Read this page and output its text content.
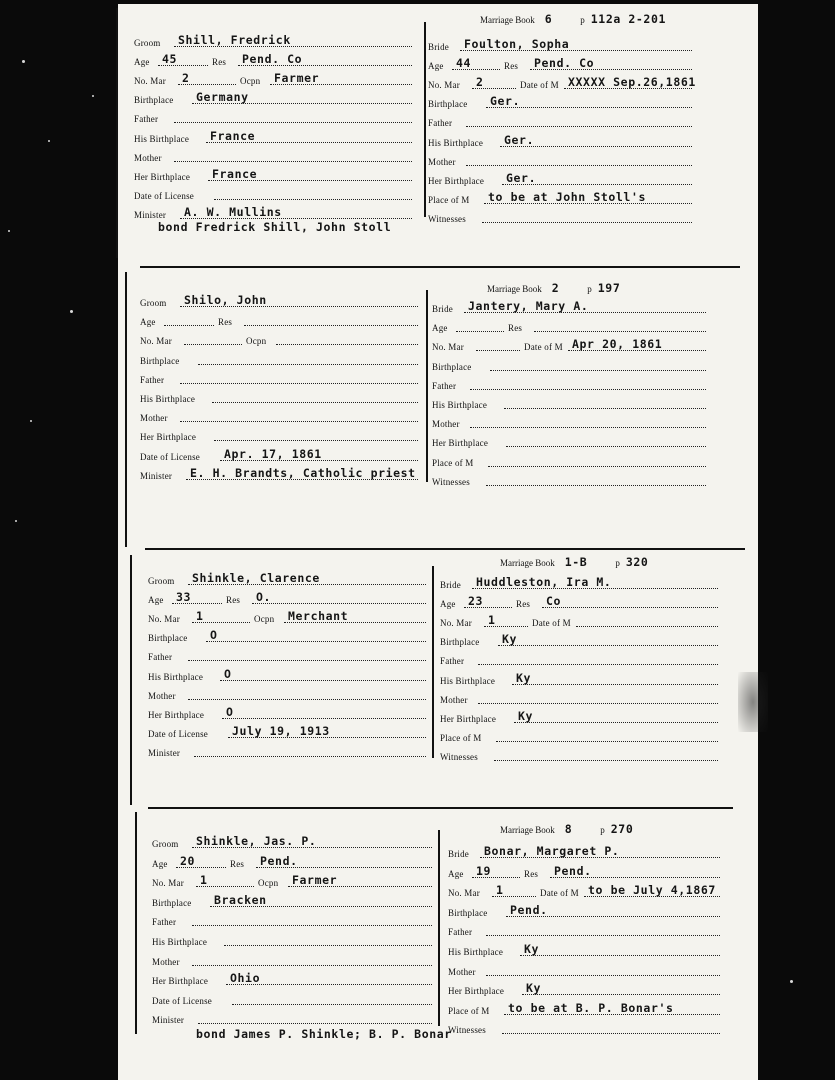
Marriage Book 6	p 112a 2-201
Groom Shill, Fredrick
Age 45	Res Pend. Co
No. Mar 2	Ocpn Farmer
Birthplace Germany
Father
His Birthplace France
Mother
Her Birthplace France
Date of License
Minister A. W. Mullins
Bride Foulton, Sopha
Age 44	Res Pend. Co
No. Mar 2	Date of M XXXXX Sep.26,1861
Birthplace Ger.
Father
His Birthplace Ger.
Mother
Her Birthplace Ger.
Place of M to be at John Stoll's
Witnesses
bond Fredrick Shill, John Stoll
Marriage Book 2	p 197
Groom Shilo, John
Age	Res
No. Mar	Ocpn
Birthplace
Father
His Birthplace
Mother
Her Birthplace
Date of License Apr. 17, 1861
Minister E. H. Brandts, Catholic priest
Bride Jantery, Mary A.
Age	Res
No. Mar	Date of M Apr 20, 1861
Birthplace
Father
His Birthplace
Mother
Her Birthplace
Place of M
Witnesses
Marriage Book 1-B	p 320
Groom Shinkle, Clarence
Age 33	Res O.
No. Mar 1	Ocpn Merchant
Birthplace O
Father
His Birthplace O
Mother
Her Birthplace O
Date of License July 19, 1913
Minister
Bride Huddleston, Ira M.
Age 23	Res Co
No. Mar 1	Date of M
Birthplace Ky
Father
His Birthplace Ky
Mother
Her Birthplace Ky
Place of M
Witnesses
Marriage Book 8	p 270
Groom Shinkle, Jas. P.
Age 20	Res Pend.
No. Mar 1	Ocpn Farmer
Birthplace Bracken
Father
His Birthplace
Mother
Her Birthplace Ohio
Date of License
Minister
Bride Bonar, Margaret P.
Age 19	Res Pend.
No. Mar 1	Date of M to be July 4,1867
Birthplace Pend.
Father
His Birthplace Ky
Mother
Her Birthplace Ky
Place of M to be at B. P. Bonar's
Witnesses
bond James P. Shinkle; B. P. Bonar
